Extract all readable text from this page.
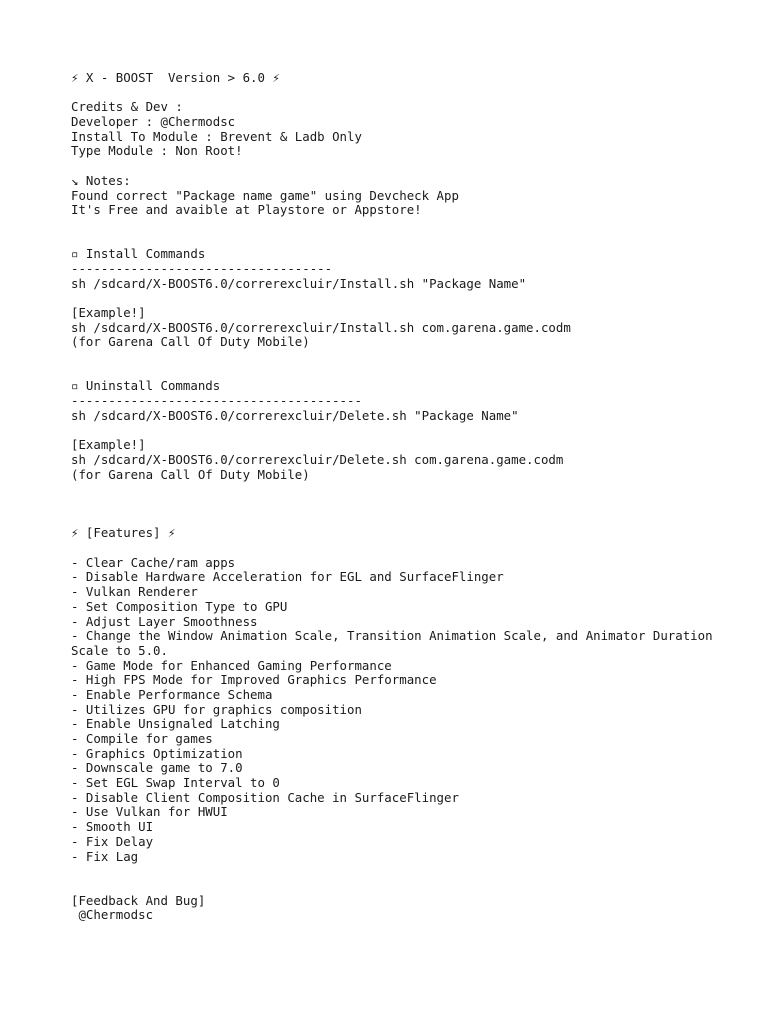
⚡ X - BOOST  Version > 6.0 ⚡
Credits & Dev :
Developer : @Chermodsc
Install To Module : Brevent & Ladb Only
Type Module : Non Root!
↘ Notes:
Found correct "Package name game" using Devcheck App
It's Free and avaible at Playstore or Appstore!
▫ Install Commands
-----------------------------------
sh /sdcard/X-BOOST6.0/correrexcluir/Install.sh "Package Name"
[Example!]
sh /sdcard/X-BOOST6.0/correrexcluir/Install.sh com.garena.game.codm
(for Garena Call Of Duty Mobile)
▫ Uninstall Commands
---------------------------------------
sh /sdcard/X-BOOST6.0/correrexcluir/Delete.sh "Package Name"
[Example!]
sh /sdcard/X-BOOST6.0/correrexcluir/Delete.sh com.garena.game.codm
(for Garena Call Of Duty Mobile)
⚡ [Features] ⚡
- Clear Cache/ram apps
- Disable Hardware Acceleration for EGL and SurfaceFlinger
- Vulkan Renderer
- Set Composition Type to GPU
- Adjust Layer Smoothness
- Change the Window Animation Scale, Transition Animation Scale, and Animator Duration Scale to 5.0.
- Game Mode for Enhanced Gaming Performance
- High FPS Mode for Improved Graphics Performance
- Enable Performance Schema
- Utilizes GPU for graphics composition
- Enable Unsignaled Latching
- Compile for games
- Graphics Optimization
- Downscale game to 7.0
- Set EGL Swap Interval to 0
- Disable Client Composition Cache in SurfaceFlinger
- Use Vulkan for HWUI
- Smooth UI
- Fix Delay
- Fix Lag
[Feedback And Bug]
@Chermodsc
